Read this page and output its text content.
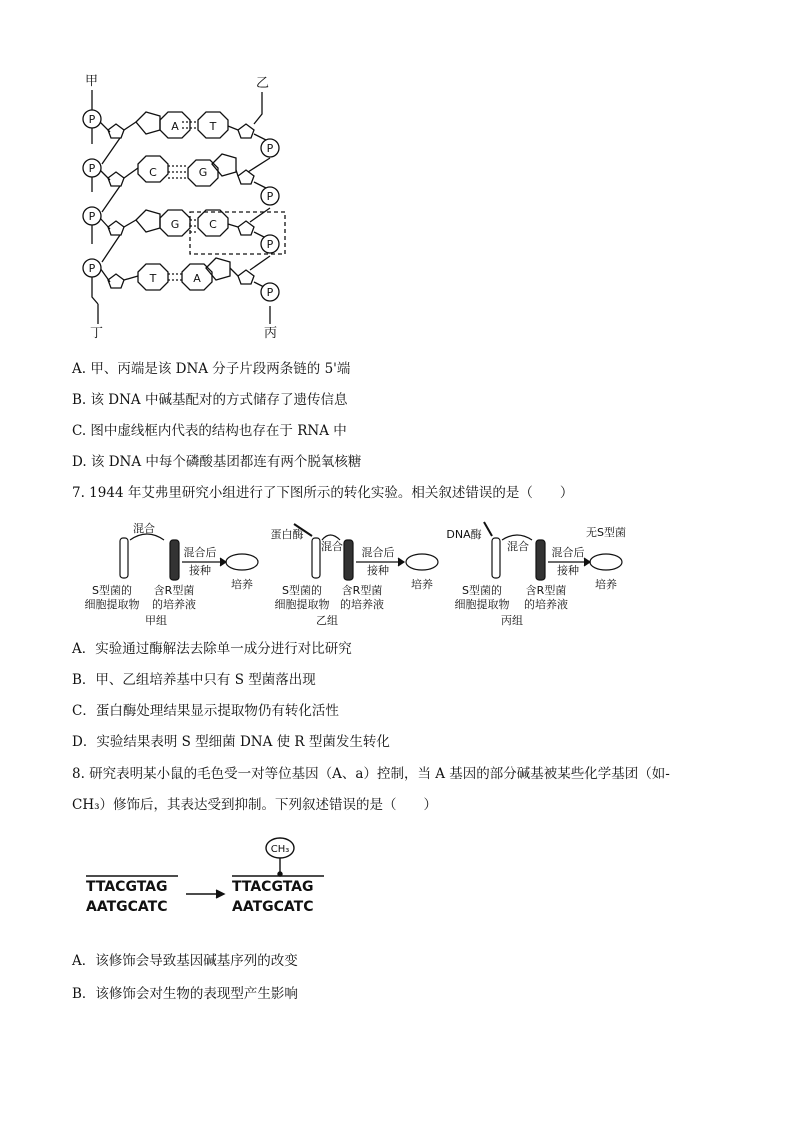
P
P
P
P
P
P
P
P
A
C
G
T
T
G
C
A
甲	乙
丁	丙
A. 甲、丙端是该 DNA 分子片段两条链的 5'端
B. 该 DNA 中碱基配对的方式储存了遗传信息
C. 图中虚线框内代表的结构也存在于 RNA 中
D. 该 DNA 中每个磷酸基团都连有两个脱氧核糖
7. 1944 年艾弗里研究小组进行了下图所示的转化实验。相关叙述错误的是（　　）
混合
混合后
接种
培养
S型菌的
细胞提取物
含R型菌
的培养液
甲组
蛋白酶
混合 混合后
接种
培养
S型菌的
细胞提取物
含R型菌
的培养液
乙组
DNA酶
混合 混合后
接种
无S型菌
培养
S型菌的
细胞提取物
含R型菌
的培养液
丙组
A．实验通过酶解法去除单一成分进行对比研究
B．甲、乙组培养基中只有 S 型菌落出现
C．蛋白酶处理结果显示提取物仍有转化活性
D．实验结果表明 S 型细菌 DNA 使 R 型菌发生转化
8. 研究表明某小鼠的毛色受一对等位基因（A、a）控制，当 A 基因的部分碱基被某些化学基团（如-
CH₃）修饰后，其表达受到抑制。下列叙述错误的是（　　）
TTACGTAG
AATGCATC
TTACGTAG
AATGCATC
CH₃
A．该修饰会导致基因碱基序列的改变
B．该修饰会对生物的表现型产生影响
